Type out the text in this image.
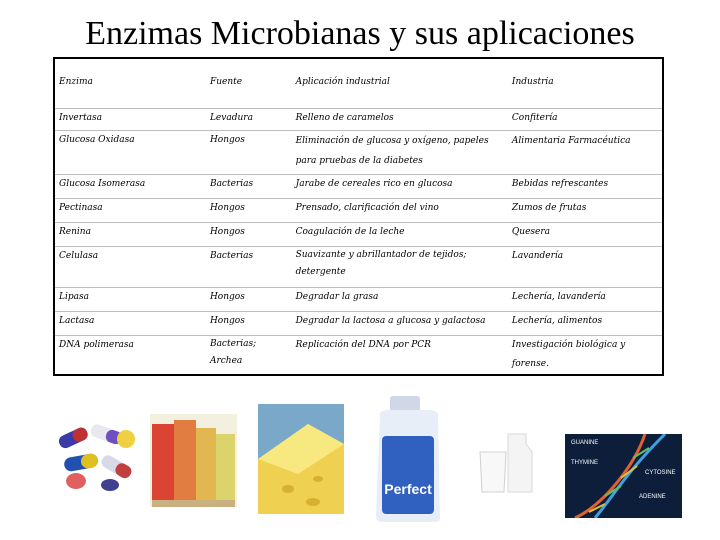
Enzimas Microbianas y sus aplicaciones
Enzima	Fuente	Aplicación industrial	Industria
Invertasa	Levadura	Relleno de caramelos	Confitería
Glucosa Oxidasa	Hongos	Eliminación de glucosa y oxígeno, papeles para pruebas de la diabetes	Alimentaria Farmacéutica
Glucosa Isomerasa	Bacterias	Jarabe de cereales rico en glucosa	Bebidas refrescantes
Pectinasa	Hongos	Prensado, clarificación del vino	Zumos de frutas
Renina	Hongos	Coagulación de la leche	Quesera
Celulasa	Bacterias	Suavizante y abrillantador de tejidos; detergente	Lavandería
Lipasa	Hongos	Degradar la grasa	Lechería, lavandería
Lactasa	Hongos	Degradar la lactosa a glucosa y galactosa	Lechería, alimentos
DNA polimerasa	Bacterias; Archea	Replicación del DNA por PCR	Investigación biológica y forense.
Perfect
GUANINE
THYMINE
CYTOSINE
ADENINE
